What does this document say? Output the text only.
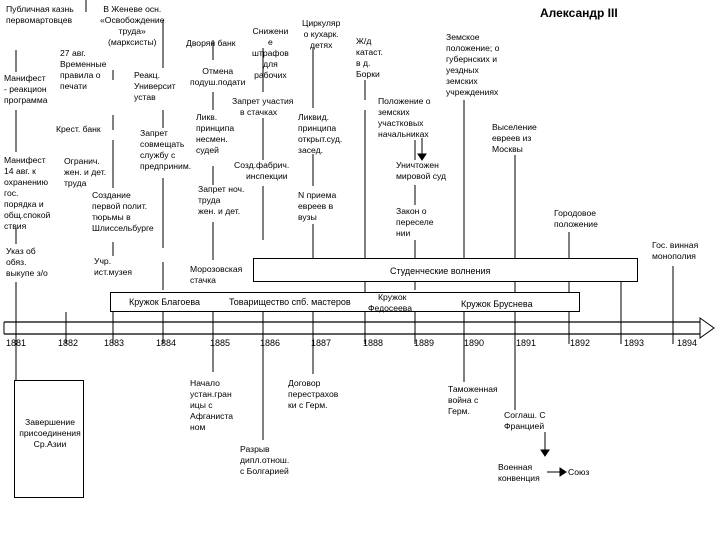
Александр III
Студенческие волнения
Кружок Благоева	Товарищество спб. мастеров	Кружок Бруснева
Кружок
Федосеева
Морозовская
стачка
1881	1882	1883	1884	1885	1886	1887	1888	1889	1890	1891	1892	1893	1894
Публичная казнь
первомартовцев
В Женеве осн.
«Освобождение
труда»
(марксисты)	Дворян банк
Снижени
е
штрафов
для
рабочих
Циркуляр
о кухарк.
детях	Ж/д
катаст.
в д.
Борки
Земское
положение; о
губернских и
уездных
земских
учреждениях
27 авг.
Временные
правила о
печати
Манифест
- реакцион
программа
Отмена
подуш.подати
Реакц.
Университ
устав	Запрет участия
в стачках
Положение о
земских
участковых
начальниках
Ликв.
принципа
несмен.
судей
Ликвид.
принципа
открыт.суд.
засед.
Выселение
евреев из
Москвы
Крест. банк	Запрет
совмещать
службу с
предприним.
Манифест
14 авг. к
охранению
гос.
порядка и
общ.спокой
ствия
Огранич.
жен. и дет.
труда
Созд.фабрич.
инспекции
Уничтожен
мировой суд
Создание
первой полит.
тюрьмы в
Шлиссельбурге
Запрет ноч.
труда
жен. и дет.
N приема
евреев в
вузы
Закон о
переселе
нии
Городовое
положение
Гос. винная
монополия
Указ об
обяз.
выкупе з/о
Учр.
ист.музея
Завершение
присоединения
Ср.Азии
Начало
устан.гран
ицы с
Афганиста
ном
Разрыв
дипл.отнош.
с Болгарией
Договор
перестрахов
ки с Герм.
Таможенная
война с
Герм.	Соглаш. С
Францией
Военная
конвенция
Союз
